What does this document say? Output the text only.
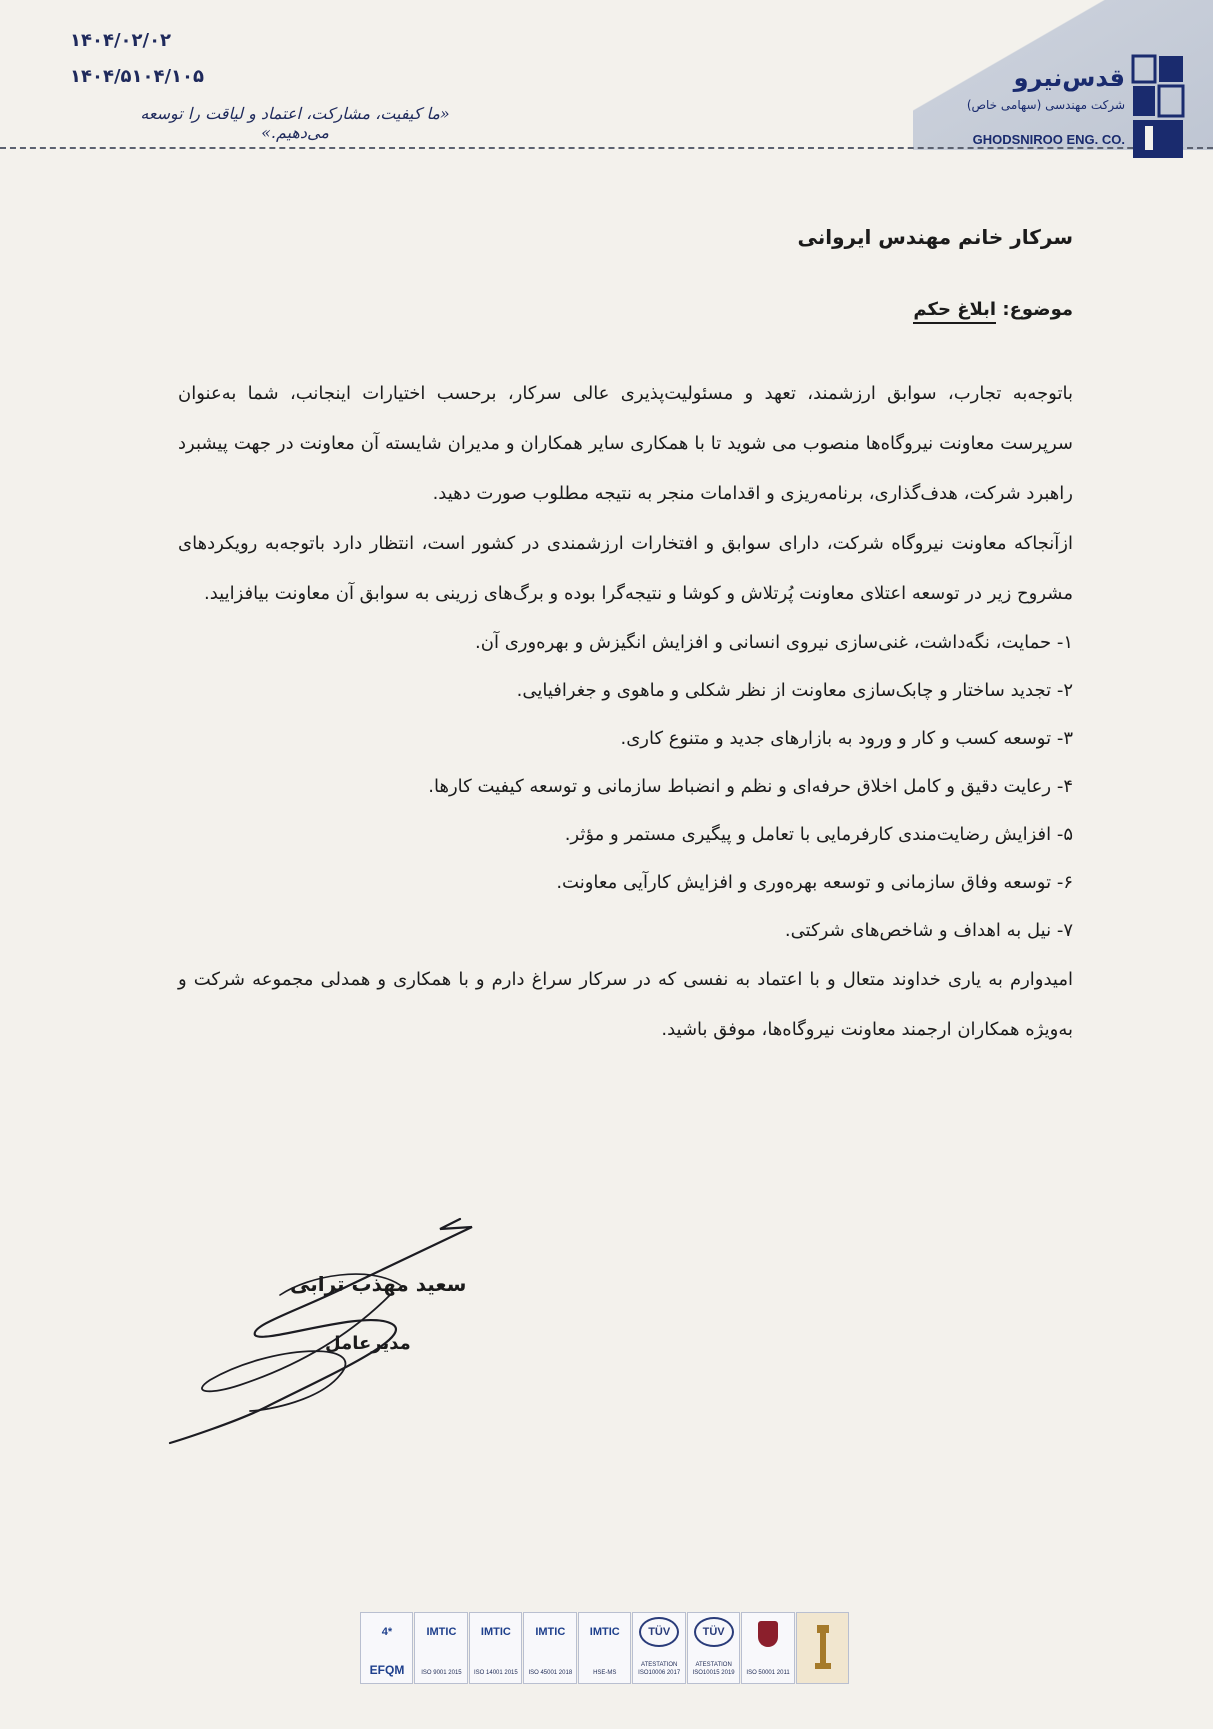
۱۴۰۴/۰۲/۰۲
۱۴۰۴/۵۱۰۴/۱۰۵
«ما کیفیت، مشارکت، اعتماد و لیاقت را توسعه می‌دهیم.»
قدس‌نیرو
شرکت مهندسی (سهامی خاص)
GHODSNIROO ENG. CO.
سرکار خانم مهندس ایروانی
موضوع: ابلاغ حکم
باتوجه‌به تجارب، سوابق ارزشمند، تعهد و مسئولیت‌پذیری عالی سرکار، برحسب اختیارات اینجانب، شما به‌عنوان سرپرست معاونت نیروگاه‌ها منصوب می شوید تا با همکاری سایر همکاران و مدیران شایسته آن معاونت در جهت پیشبرد راهبرد شرکت، هدف‌گذاری، برنامه‌ریزی و اقدامات منجر به نتیجه مطلوب صورت دهید.
ازآنجاکه معاونت نیروگاه شرکت، دارای سوابق و افتخارات ارزشمندی در کشور است، انتظار دارد باتوجه‌به رویکردهای مشروح زیر در توسعه اعتلای معاونت پُرتلاش و کوشا و نتیجه‌گرا بوده و برگ‌های زرینی به سوابق آن معاونت بیافزایید.
۱- حمایت، نگه‌داشت، غنی‌سازی نیروی انسانی و افزایش انگیزش و بهره‌وری آن.
۲- تجدید ساختار و چابک‌سازی معاونت از نظر شکلی و ماهوی و جغرافیایی.
۳- توسعه کسب و کار و ورود به بازارهای جدید و متنوع کاری.
۴- رعایت دقیق و کامل اخلاق حرفه‌ای و نظم و انضباط سازمانی و توسعه کیفیت کارها.
۵- افزایش رضایت‌مندی کارفرمایی با تعامل و پیگیری مستمر و مؤثر.
۶- توسعه وفاق سازمانی و توسعه بهره‌وری و افزایش کارآیی معاونت.
۷- نیل به اهداف و شاخص‌های شرکتی.
امیدوارم به یاری خداوند متعال و با اعتماد به نفسی که در سرکار سراغ دارم و با همکاری و همدلی مجموعه شرکت و به‌ویژه همکاران ارجمند معاونت نیروگاه‌ها، موفق باشید.
سعید مهذب ترابی
مدیرعامل
4*
EFQM
IMTIC
ISO 9001 2015
IMTIC
ISO 14001 2015
IMTIC
ISO 45001 2018
IMTIC
HSE-MS
TÜV
ATESTATION ISO10006 2017
TÜV
ATESTATION ISO10015 2019	ISO 50001 2011
